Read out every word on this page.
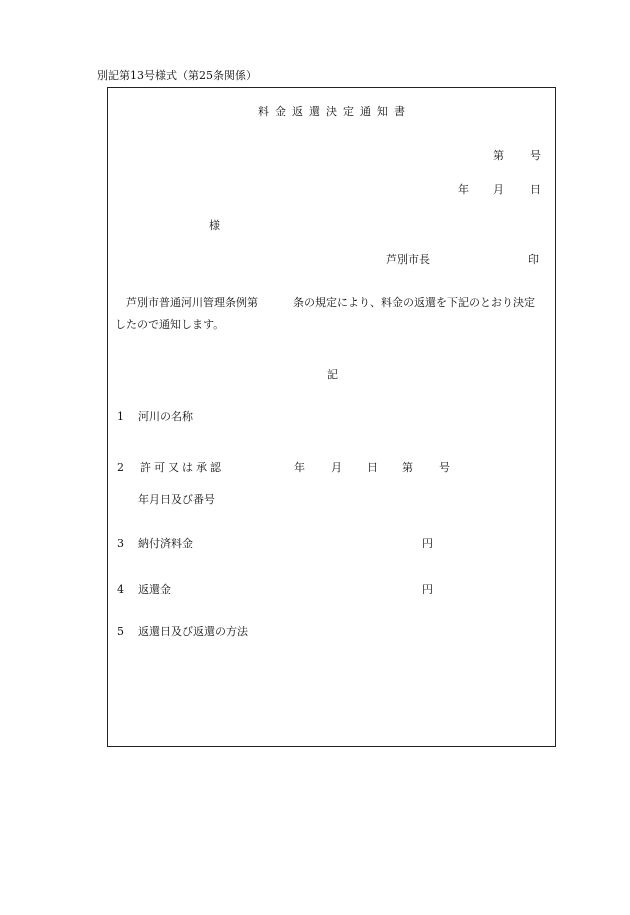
別記第13号様式（第25条関係）
料金返還決定通知書
第 号
年 月 日
様
芦別市長	印
芦別市普通河川管理条例第	条の規定により、料金の返還を下記のとおり決定
したので通知します。
記
1 河川の名称
2 許可又は承認	年 月 日 第 号
年月日及び番号
3 納付済料金	円
4 返還金	円
5 返還日及び返還の方法
